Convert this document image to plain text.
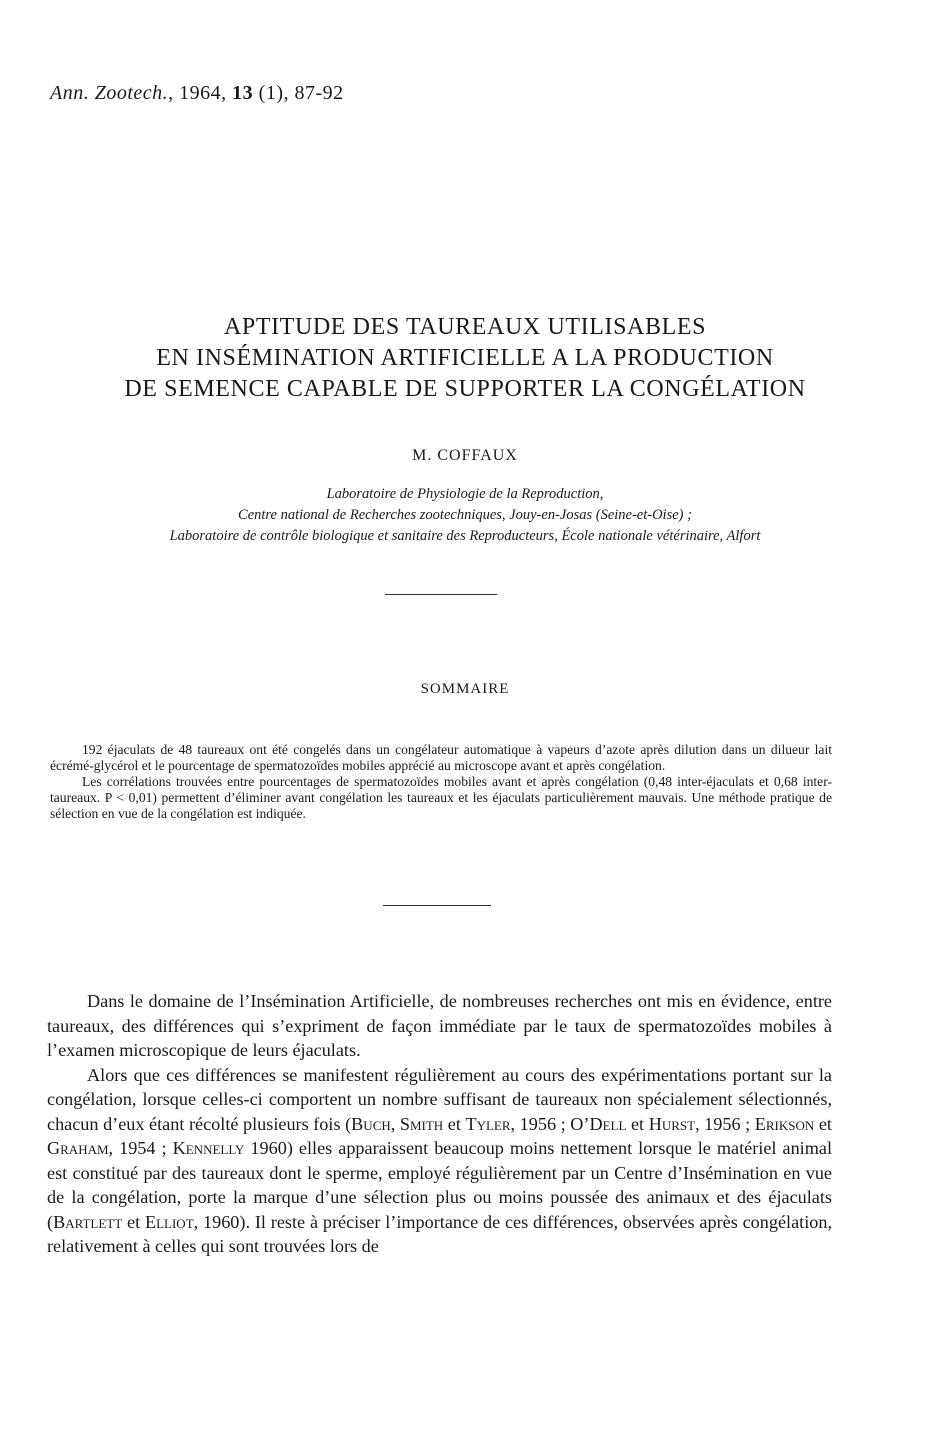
Ann. Zootech., 1964, 13 (1), 87-92
APTITUDE DES TAUREAUX UTILISABLES
EN INSÉMINATION ARTIFICIELLE A LA PRODUCTION
DE SEMENCE CAPABLE DE SUPPORTER LA CONGÉLATION
M. COFFAUX
Laboratoire de Physiologie de la Reproduction,
Centre national de Recherches zootechniques, Jouy-en-Josas (Seine-et-Oise) ;
Laboratoire de contrôle biologique et sanitaire des Reproducteurs, École nationale vétérinaire, Alfort
SOMMAIRE

192 éjaculats de 48 taureaux ont été congelés dans un congélateur automatique à vapeurs d’azote après dilution dans un dilueur lait écrémé-glycérol et le pourcentage de spermatozoïdes mobiles apprécié au microscope avant et après congélation.

Les corrélations trouvées entre pourcentages de spermatozoïdes mobiles avant et après congélation (0,48 inter-éjaculats et 0,68 inter-taureaux. P < 0,01) permettent d’éliminer avant congélation les taureaux et les éjaculats particulièrement mauvais. Une méthode pratique de sélection en vue de la congélation est indiquée.

Dans le domaine de l’Insémination Artificielle, de nombreuses recherches ont mis en évidence, entre taureaux, des différences qui s’expriment de façon immédiate par le taux de spermatozoïdes mobiles à l’examen microscopique de leurs éjaculats.

Alors que ces différences se manifestent régulièrement au cours des expérimentations portant sur la congélation, lorsque celles-ci comportent un nombre suffisant de taureaux non spécialement sélectionnés, chacun d’eux étant récolté plusieurs fois (Buch, Smith et Tyler, 1956 ; O’Dell et Hurst, 1956 ; Erikson et Graham, 1954 ; Kennelly 1960) elles apparaissent beaucoup moins nettement lorsque le matériel animal est constitué par des taureaux dont le sperme, employé régulièrement par un Centre d’Insémination en vue de la congélation, porte la marque d’une sélection plus ou moins poussée des animaux et des éjaculats (Bartlett et Elliot, 1960). Il reste à préciser l’importance de ces différences, observées après congélation, relativement à celles qui sont trouvées lors de
